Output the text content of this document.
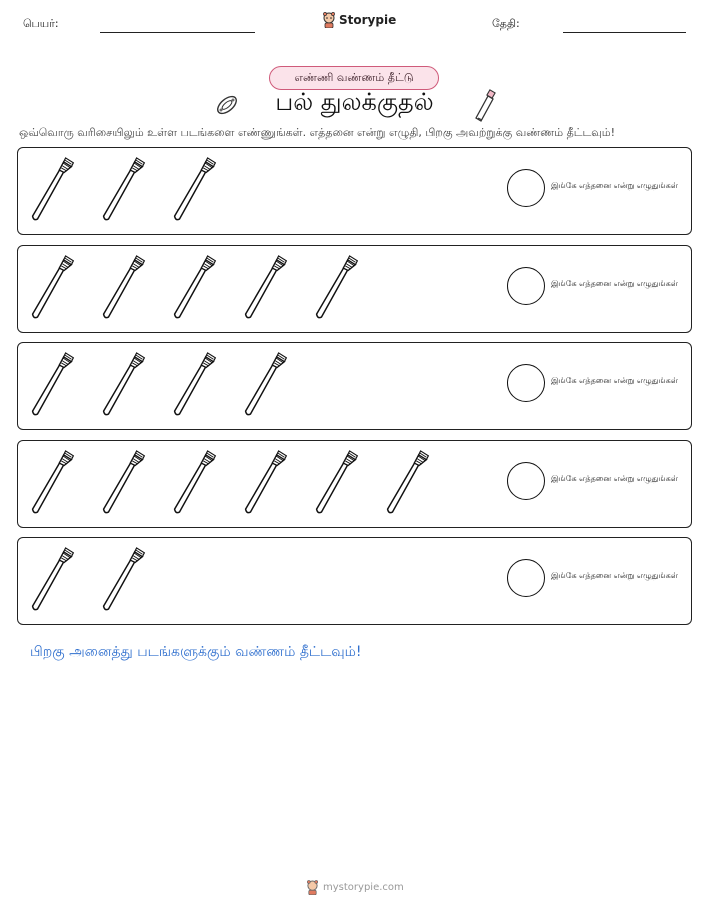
பெயர்:	Storypie	தேதி:
எண்ணி வண்ணம் தீட்டு
பல் துலக்குதல்
ஒவ்வொரு வரிசையிலும் உள்ள படங்களை எண்ணுங்கள். எத்தனை என்று எழுதி, பிறகு அவற்றுக்கு வண்ணம் தீட்டவும்!
இங்கே எத்தனை என்று எழுதுங்கள்
இங்கே எத்தனை என்று எழுதுங்கள்
இங்கே எத்தனை என்று எழுதுங்கள்
இங்கே எத்தனை என்று எழுதுங்கள்
இங்கே எத்தனை என்று எழுதுங்கள்
பிறகு அனைத்து படங்களுக்கும் வண்ணம் தீட்டவும்!
mystorypie.com
